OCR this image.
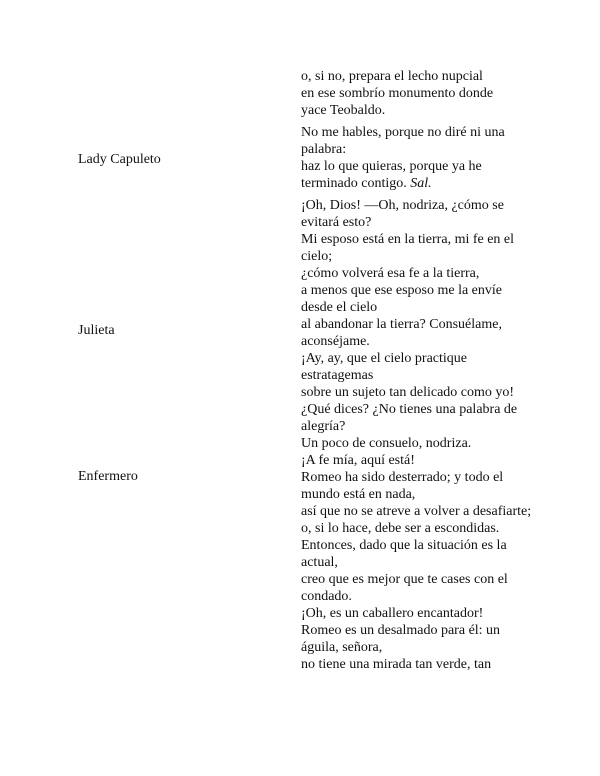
Lady Capuleto
Julieta
Enfermero
o, si no, prepara el lecho nupcial
en ese sombrío monumento donde
yace Teobaldo.
No me hables, porque no diré ni una palabra:
haz lo que quieras, porque ya he terminado contigo. Sal.
¡Oh, Dios! —Oh, nodriza, ¿cómo se evitará esto?
Mi esposo está en la tierra, mi fe en el cielo;
¿cómo volverá esa fe a la tierra,
a menos que ese esposo me la envíe desde el cielo
al abandonar la tierra? Consuélame, aconséjame.
¡Ay, ay, que el cielo practique estratagemas
sobre un sujeto tan delicado como yo!
¿Qué dices? ¿No tienes una palabra de alegría?
Un poco de consuelo, nodriza.
¡A fe mía, aquí está!
Romeo ha sido desterrado; y todo el mundo está en nada,
así que no se atreve a volver a desafiarte;
o, si lo hace, debe ser a escondidas.
Entonces, dado que la situación es la actual,
creo que es mejor que te cases con el condado.
¡Oh, es un caballero encantador!
Romeo es un desalmado para él: un águila, señora,
no tiene una mirada tan verde, tan
